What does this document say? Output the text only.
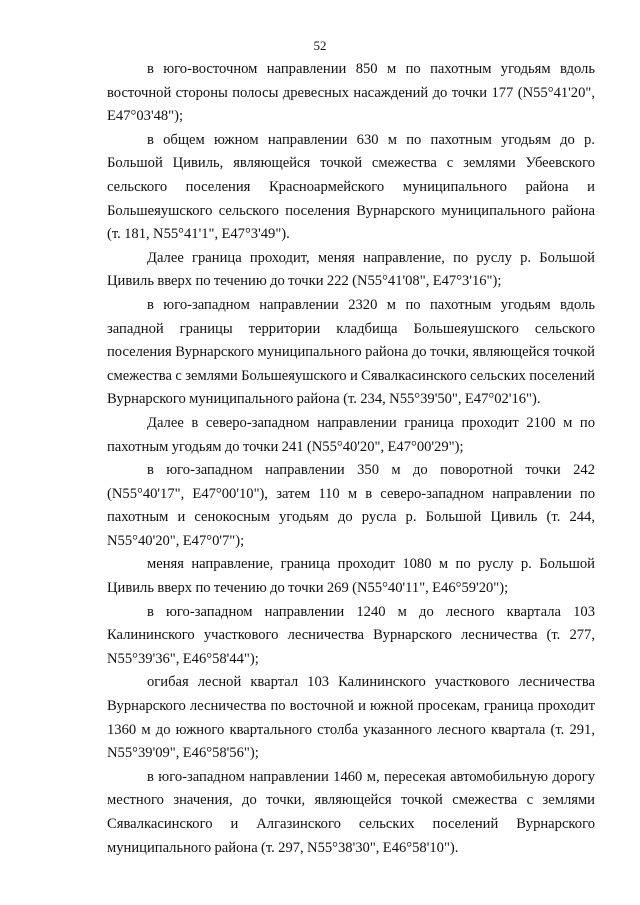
52

в юго-восточном направлении 850 м по пахотным угодьям вдоль восточной стороны полосы древесных насаждений до точки 177 (N55°41'20", E47°03'48");

в общем южном направлении 630 м по пахотным угодьям до р. Большой Цивиль, являющейся точкой смежества с землями Убеевского сельского поселения Красноармейского муниципального района и Большеяушского сельского поселения Вурнарского муниципального района (т. 181, N55°41'1", E47°3'49").

Далее граница проходит, меняя направление, по руслу р. Большой Цивиль вверх по течению до точки 222 (N55°41'08", E47°3'16");

в юго-западном направлении 2320 м по пахотным угодьям вдоль западной границы территории кладбища Большеяушского сельского поселения Вурнарского муниципального района до точки, являющейся точкой смежества с землями Большеяушского и Сявалкасинского сельских поселений Вурнарского муниципального района (т. 234, N55°39'50", E47°02'16").

Далее в северо-западном направлении граница проходит 2100 м по пахотным угодьям до точки 241 (N55°40'20", E47°00'29");

в юго-западном направлении 350 м до поворотной точки 242 (N55°40'17", E47°00'10"), затем 110 м в северо-западном направлении по пахотным и сенокосным угодьям до русла р. Большой Цивиль (т. 244, N55°40'20", E47°0'7");

меняя направление, граница проходит 1080 м по руслу р. Большой Цивиль вверх по течению до точки 269 (N55°40'11", E46°59'20");

в юго-западном направлении 1240 м до лесного квартала 103 Калининского участкового лесничества Вурнарского лесничества (т. 277, N55°39'36", E46°58'44");

огибая лесной квартал 103 Калининского участкового лесничества Вурнарского лесничества по восточной и южной просекам, граница проходит 1360 м до южного квартального столба указанного лесного квартала (т. 291, N55°39'09", E46°58'56");

в юго-западном направлении 1460 м, пересекая автомобильную дорогу местного значения, до точки, являющейся точкой смежества с землями Сявалкасинского и Алгазинского сельских поселений Вурнарского муниципального района (т. 297, N55°38'30", E46°58'10").
